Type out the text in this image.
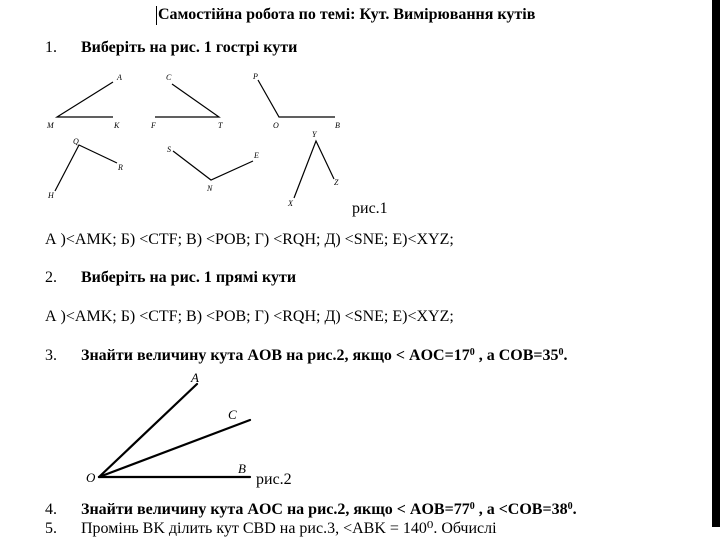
Самостійна робота по темі: Кут. Вимірювання кутів
1.	Виберіть на рис. 1 гострі кути
A
M	K
C
F	T
P
O	B
Q
R
H
S
N
E
Y
X
Z
рис.1
А )<AMK; Б) <CTF; В) <POB; Г) <RQH; Д) <SNE; Е)<XYZ;
2.	Виберіть на рис. 1 прямі кути
А )<AMK; Б) <CTF; В) <POB; Г) <RQH; Д) <SNE; Е)<XYZ;
3.	Знайти величину кута AOB на рис.2, якщо < $AOC=17^0$ , а $COB=35^0$.
A
C
B
O	рис.2
4.	Знайти величину кута AOC на рис.2, якщо < $AOB=77^0$ , $а <COB=38^0$.
5.	Промінь BK ділить кут CBD на рис.3, <ABK = 140⁰. Обчислі
